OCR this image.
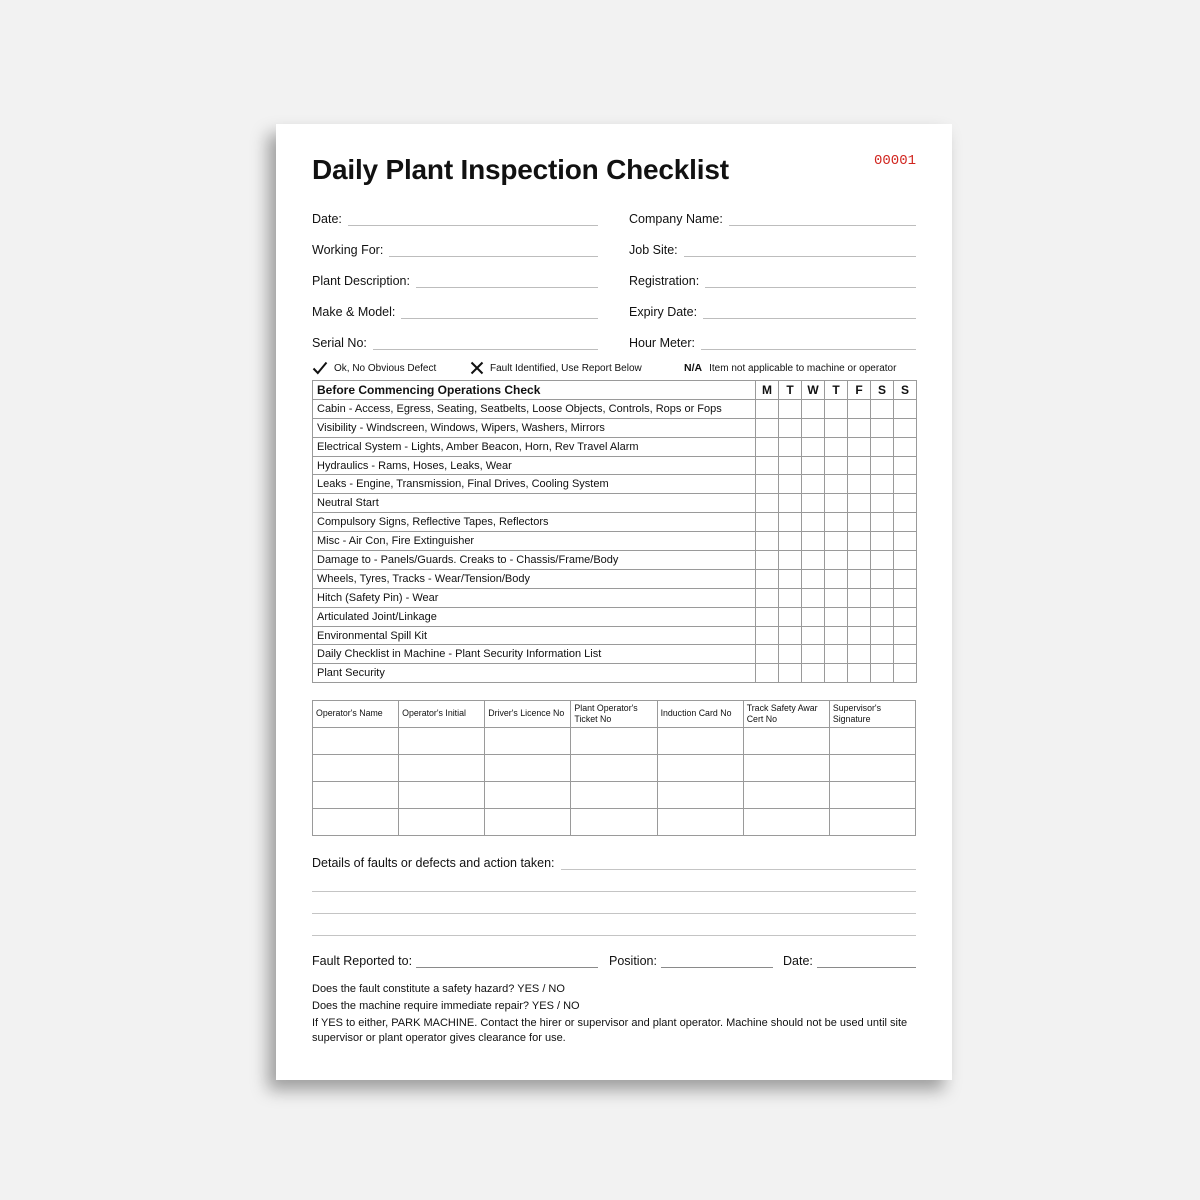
Daily Plant Inspection Checklist	00001
Date:	Company Name:
Working For:	Job Site:
Plant Description:	Registration:
Make & Model:	Expiry Date:
Serial No:	Hour Meter:
Ok, No Obvious Defect	Fault Identified, Use Report Below	N/A Item not applicable to machine or operator
Before Commencing Operations Check	M	T	W	T	F	S	S
Cabin - Access, Egress, Seating, Seatbelts, Loose Objects, Controls, Rops or Fops							
Visibility - Windscreen, Windows, Wipers, Washers, Mirrors							
Electrical System - Lights, Amber Beacon, Horn, Rev Travel Alarm							
Hydraulics - Rams, Hoses, Leaks, Wear							
Leaks - Engine, Transmission, Final Drives, Cooling System							
Neutral Start							
Compulsory Signs, Reflective Tapes, Reflectors							
Misc - Air Con, Fire Extinguisher							
Damage to - Panels/Guards. Creaks to - Chassis/Frame/Body							
Wheels, Tyres, Tracks - Wear/Tension/Body							
Hitch (Safety Pin) - Wear							
Articulated Joint/Linkage							
Environmental Spill Kit							
Daily Checklist in Machine - Plant Security Information List							
Plant Security							
Operator's Name	Operator's Initial	Driver's Licence No	Plant Operator's Ticket No	Induction Card No	Track Safety Awar Cert No	Supervisor's Signature

Details of faults or defects and action taken:
Fault Reported to:	Position:	Date:

Does the fault constitute a safety hazard? YES / NO

Does the machine require immediate repair? YES / NO

If YES to either, PARK MACHINE. Contact the hirer or supervisor and plant operator. Machine should not be used until site supervisor or plant operator gives clearance for use.
